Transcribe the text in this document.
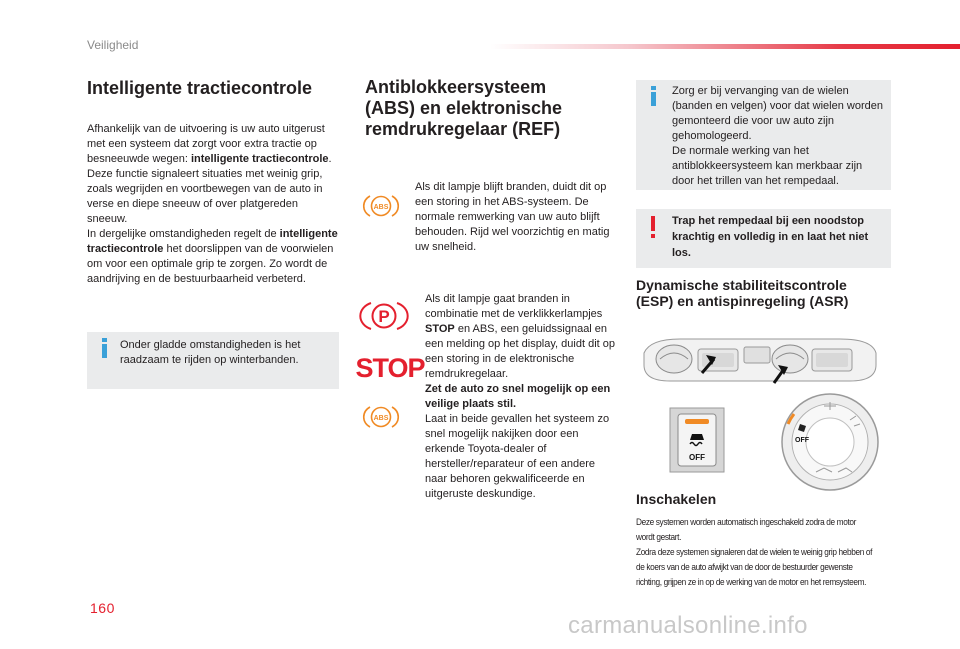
Veiligheid
Intelligente tractiecontrole
Afhankelijk van de uitvoering is uw auto uitgerust met een systeem dat zorgt voor extra tractie op besneeuwde wegen: intelligente tractiecontrole.
Deze functie signaleert situaties met weinig grip, zoals wegrijden en voortbewegen van de auto in verse en diepe sneeuw of over platgereden sneeuw.
In dergelijke omstandigheden regelt de intelligente tractiecontrole het doorslippen van de voorwielen om voor een optimale grip te zorgen. Zo wordt de aandrijving en de bestuurbaarheid verbeterd.
Onder gladde omstandigheden is het raadzaam te rijden op winterbanden.
Antiblokkeersysteem
(ABS) en elektronische
remdrukregelaar (REF)
ABS
Als dit lampje blijft branden, duidt dit op een storing in het ABS-systeem. De normale remwerking van uw auto blijft behouden. Rijd wel voorzichtig en matig uw snelheid.
P
STOP
ABS
Als dit lampje gaat branden in combinatie met de verklikkerlampjes STOP en ABS, een geluidssignaal en een melding op het display, duidt dit op een storing in de elektronische remdrukregelaar.
Zet de auto zo snel mogelijk op een veilige plaats stil.
Laat in beide gevallen het systeem zo snel mogelijk nakijken door een erkende Toyota-dealer of hersteller/reparateur of een andere naar behoren gekwalificeerde en uitgeruste deskundige.
Zorg er bij vervanging van de wielen (banden en velgen) voor dat wielen worden gemonteerd die voor uw auto zijn gehomologeerd.
De normale werking van het antiblokkeersysteem kan merkbaar zijn door het trillen van het rempedaal.
Trap het rempedaal bij een noodstop krachtig en volledig in en laat het niet los.
Dynamische stabiliteitscontrole
(ESP) en antispinregeling (ASR)
OFF
OFF
Inschakelen
Deze systemen worden automatisch ingeschakeld zodra de motor wordt gestart.
Zodra deze systemen signaleren dat de wielen te weinig grip hebben of de koers van de auto afwijkt van de door de bestuurder gewenste richting, grijpen ze in op de werking van de motor en het remsysteem.
160
carmanualsonline.info
